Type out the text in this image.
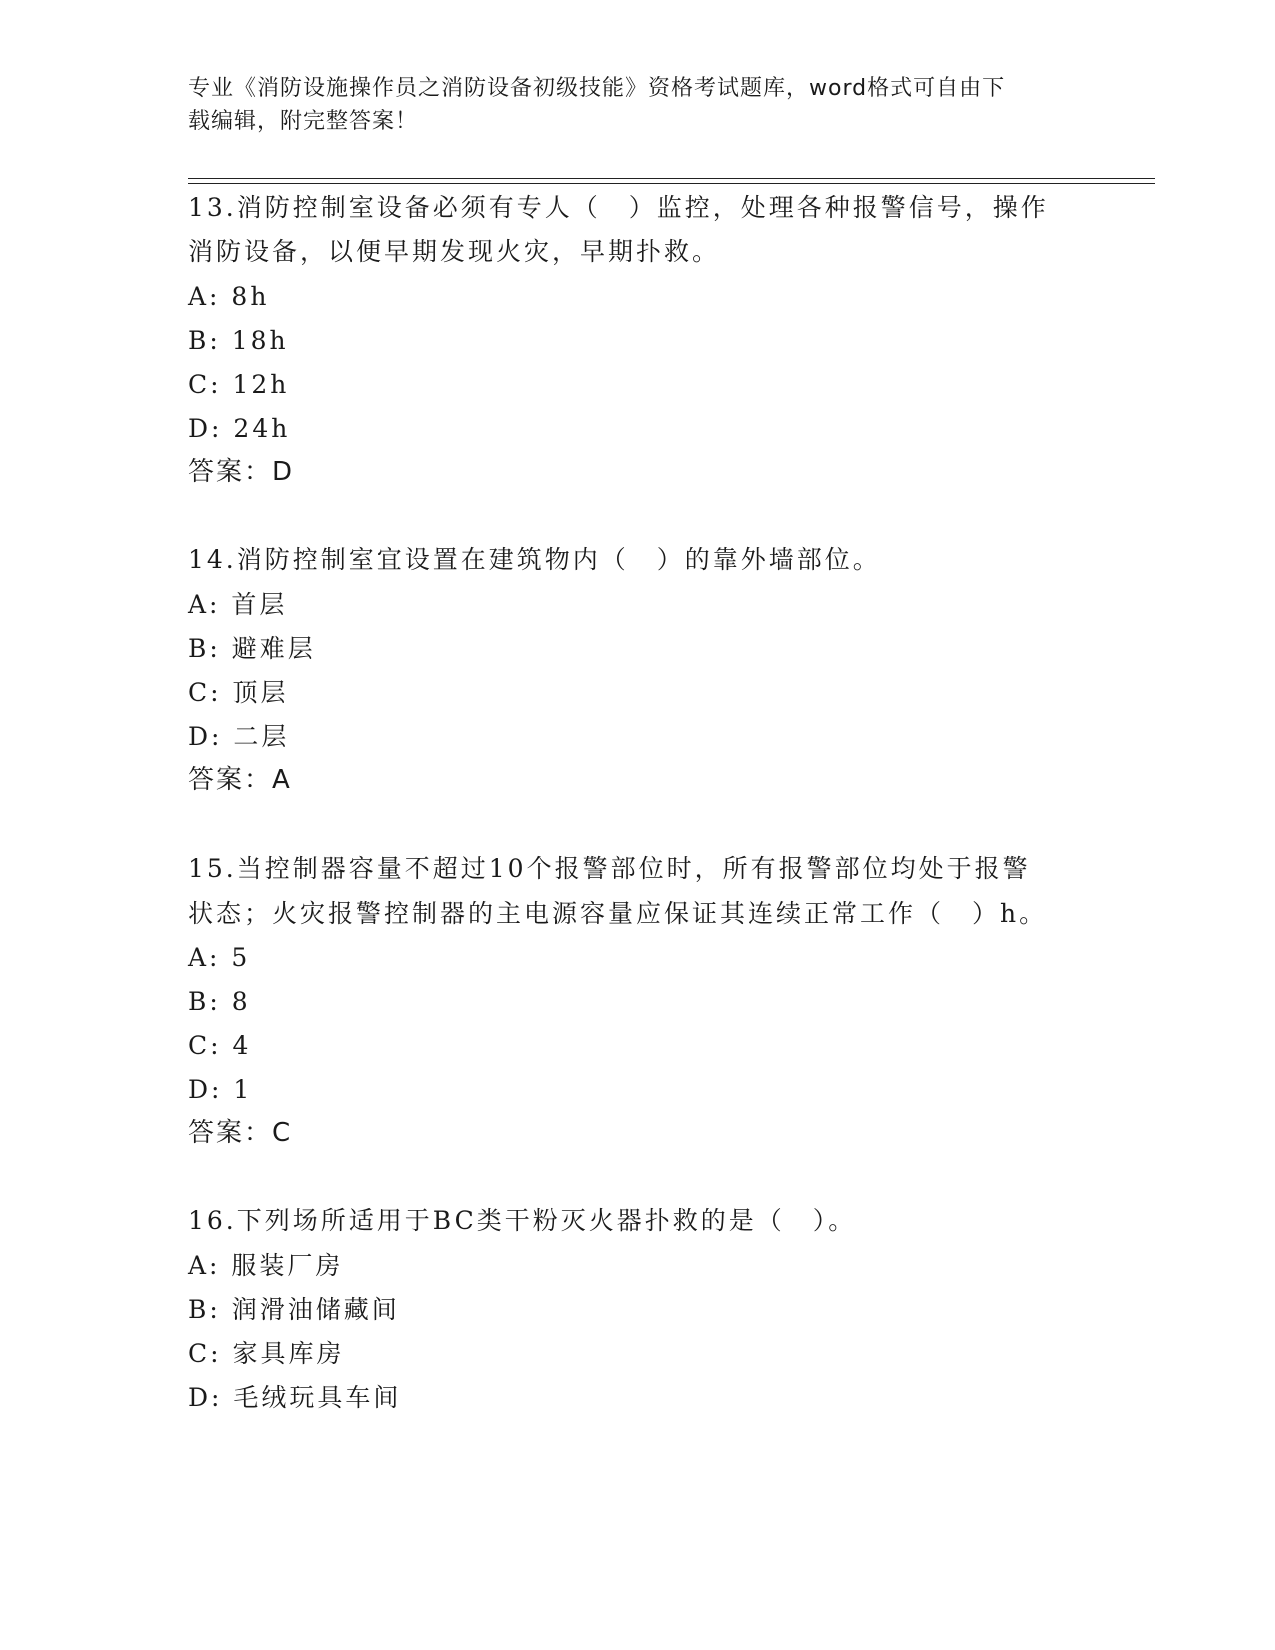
专业《消防设施操作员之消防设备初级技能》资格考试题库，word格式可自由下
载编辑，附完整答案！
13.消防控制室设备必须有专人（　）监控，处理各种报警信号，操作
消防设备，以便早期发现火灾，早期扑救。
A: 8h
B: 18h
C: 12h
D: 24h
答案：D
14.消防控制室宜设置在建筑物内（　）的靠外墙部位。
A: 首层
B: 避难层
C: 顶层
D: 二层
答案：A
15.当控制器容量不超过10个报警部位时，所有报警部位均处于报警
状态；火灾报警控制器的主电源容量应保证其连续正常工作（　）h。
A: 5
B: 8
C: 4
D: 1
答案：C
16.下列场所适用于BC类干粉灭火器扑救的是（　）。
A: 服装厂房
B: 润滑油储藏间
C: 家具库房
D: 毛绒玩具车间
